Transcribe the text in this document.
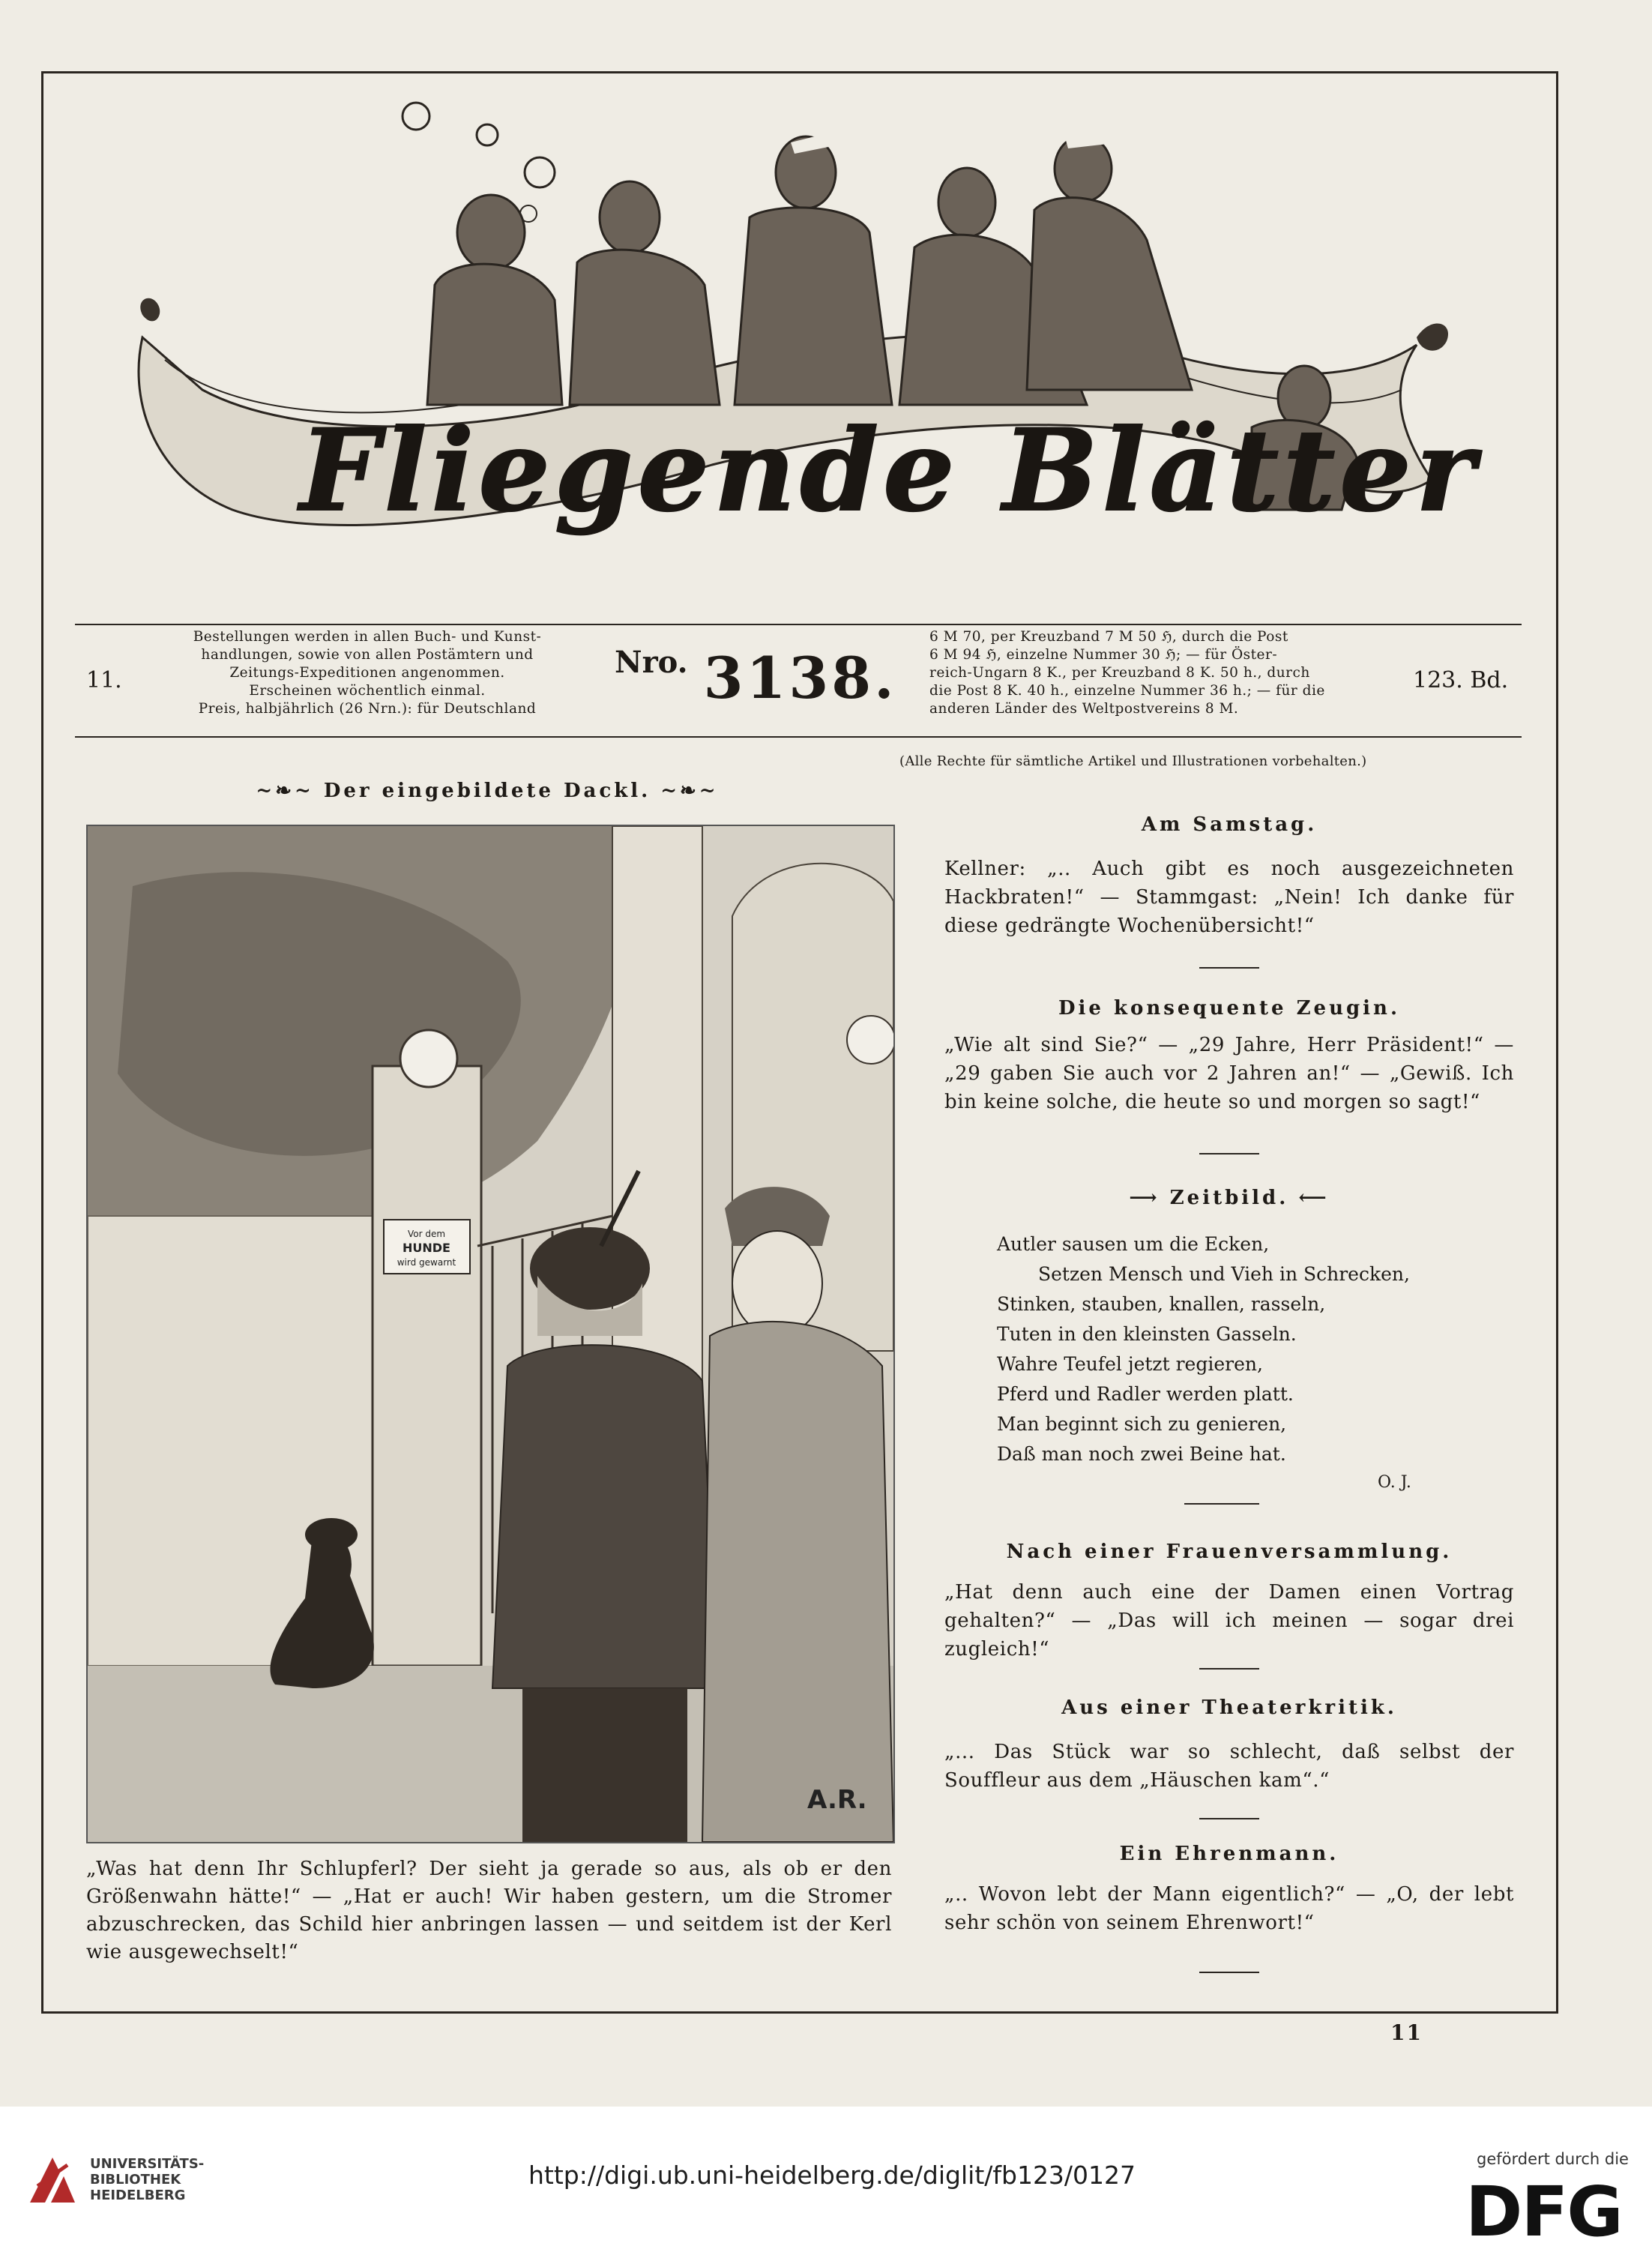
Fliegende Blätter
11.
Bestellungen werden in allen Buch- und Kunst-
handlungen, sowie von allen Postämtern und
Zeitungs-Expeditionen angenommen.
Erscheinen wöchentlich einmal.
Preis, halbjährlich (26 Nrn.): für Deutschland
Nro. 3138.
6 M 70, per Kreuzband 7 M 50 ℌ, durch die Post
6 M 94 ℌ, einzelne Nummer 30 ℌ; — für Öster-
reich-Ungarn 8 K., per Kreuzband 8 K. 50 h., durch
die Post 8 K. 40 h., einzelne Nummer 36 h.; — für die
anderen Länder des Weltpostvereins 8 M.
123. Bd.
(Alle Rechte für sämtliche Artikel und Illustrationen vorbehalten.)
~❧~ Der eingebildete Dackl. ~❧~
Vor dem
HUNDE
wird gewarnt
A.R.
„Was hat denn Ihr Schlupferl? Der sieht ja gerade so aus, als ob er den Größenwahn hätte!“ — „Hat er auch! Wir haben gestern, um die Stromer abzuschrecken, das Schild hier anbringen lassen — und seitdem ist der Kerl wie ausgewechselt!“
Am Samstag.
Kellner: „.. Auch gibt es noch ausgezeichneten Hackbraten!“ — Stammgast: „Nein! Ich danke für diese gedrängte Wochenübersicht!“
Die konsequente Zeugin.
„Wie alt sind Sie?“ — „29 Jahre, Herr Präsident!“ — „29 gaben Sie auch vor 2 Jahren an!“ — „Gewiß. Ich bin keine solche, die heute so und morgen so sagt!“
⟶ Zeitbild. ⟵
Autler sausen um die Ecken,
Setzen Mensch und Vieh in Schrecken,
Stinken, stauben, knallen, rasseln,
Tuten in den kleinsten Gasseln.
Wahre Teufel jetzt regieren,
Pferd und Radler werden platt.
Man beginnt sich zu genieren,
Daß man noch zwei Beine hat.
O. J.
Nach einer Frauenversammlung.
„Hat denn auch eine der Damen einen Vortrag gehalten?“ — „Das will ich meinen — sogar drei zugleich!“
Aus einer Theaterkritik.
„... Das Stück war so schlecht, daß selbst der Souffleur aus dem „Häuschen kam“.“
Ein Ehrenmann.
„.. Wovon lebt der Mann eigentlich?“ — „O, der lebt sehr schön von seinem Ehrenwort!“
11
UNIVERSITÄTS-
BIBLIOTHEK
HEIDELBERG
http://digi.ub.uni-heidelberg.de/diglit/fb123/0127
gefördert durch die
DFG
